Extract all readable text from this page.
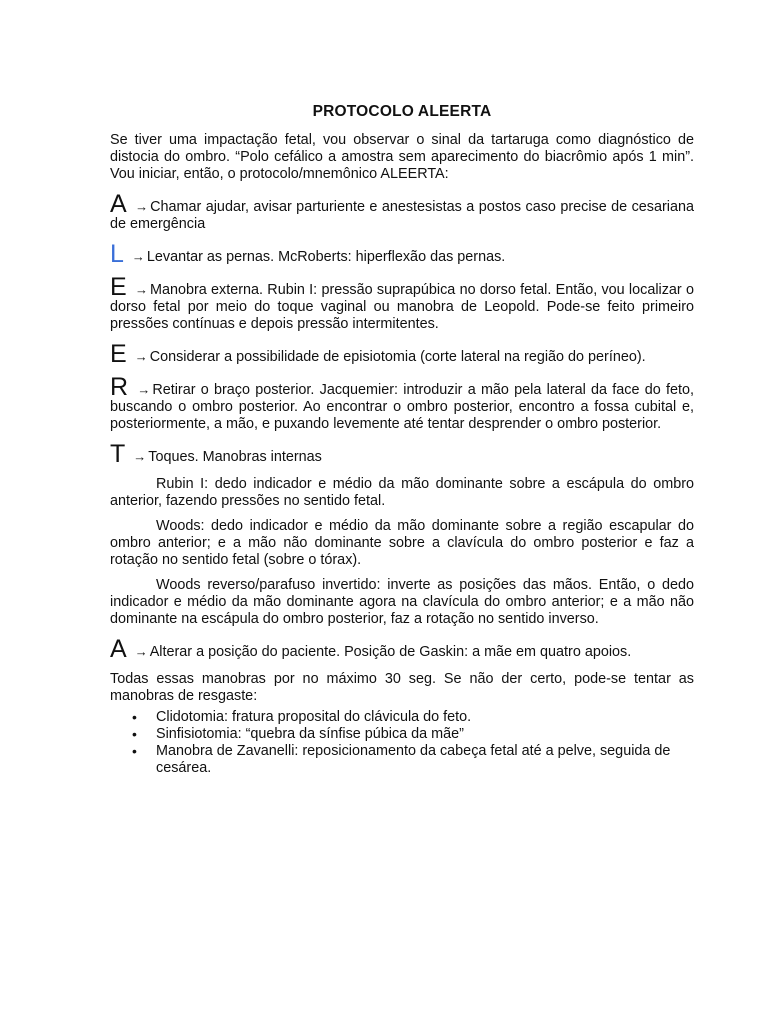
PROTOCOLO ALEERTA

Se tiver uma impactação fetal, vou observar o sinal da tartaruga como diagnóstico de distocia do ombro. “Polo cefálico a amostra sem aparecimento do biacrômio após 1 min”. Vou iniciar, então, o protocolo/mnemônico ALEERTA:

A → Chamar ajudar, avisar parturiente e anestesistas a postos caso precise de cesariana de emergência

L → Levantar as pernas. McRoberts: hiperflexão das pernas.

E → Manobra externa. Rubin I: pressão suprapúbica no dorso fetal. Então, vou localizar o dorso fetal por meio do toque vaginal ou manobra de Leopold. Pode-se feito primeiro pressões contínuas e depois pressão intermitentes.

E → Considerar a possibilidade de episiotomia (corte lateral na região do períneo).

R → Retirar o braço posterior. Jacquemier: introduzir a mão pela lateral da face do feto, buscando o ombro posterior. Ao encontrar o ombro posterior, encontro a fossa cubital e, posteriormente, a mão, e puxando levemente até tentar desprender o ombro posterior.

T → Toques. Manobras internas

Rubin I: dedo indicador e médio da mão dominante sobre a escápula do ombro anterior, fazendo pressões no sentido fetal.

Woods: dedo indicador e médio da mão dominante sobre a região escapular do ombro anterior; e a mão não dominante sobre a clavícula do ombro posterior e faz a rotação no sentido fetal (sobre o tórax).

Woods reverso/parafuso invertido: inverte as posições das mãos. Então, o dedo indicador e médio da mão dominante agora na clavícula do ombro anterior; e a mão não dominante na escápula do ombro posterior, faz a rotação no sentido inverso.

A → Alterar a posição do paciente. Posição de Gaskin: a mãe em quatro apoios.

Todas essas manobras por no máximo 30 seg. Se não der certo, pode-se tentar as manobras de resgaste:

• Clidotomia: fratura proposital do clávicula do feto.
• Sinfisiotomia: “quebra da sínfise púbica da mãe”
• Manobra de Zavanelli: reposicionamento da cabeça fetal até a pelve, seguida de cesárea.
